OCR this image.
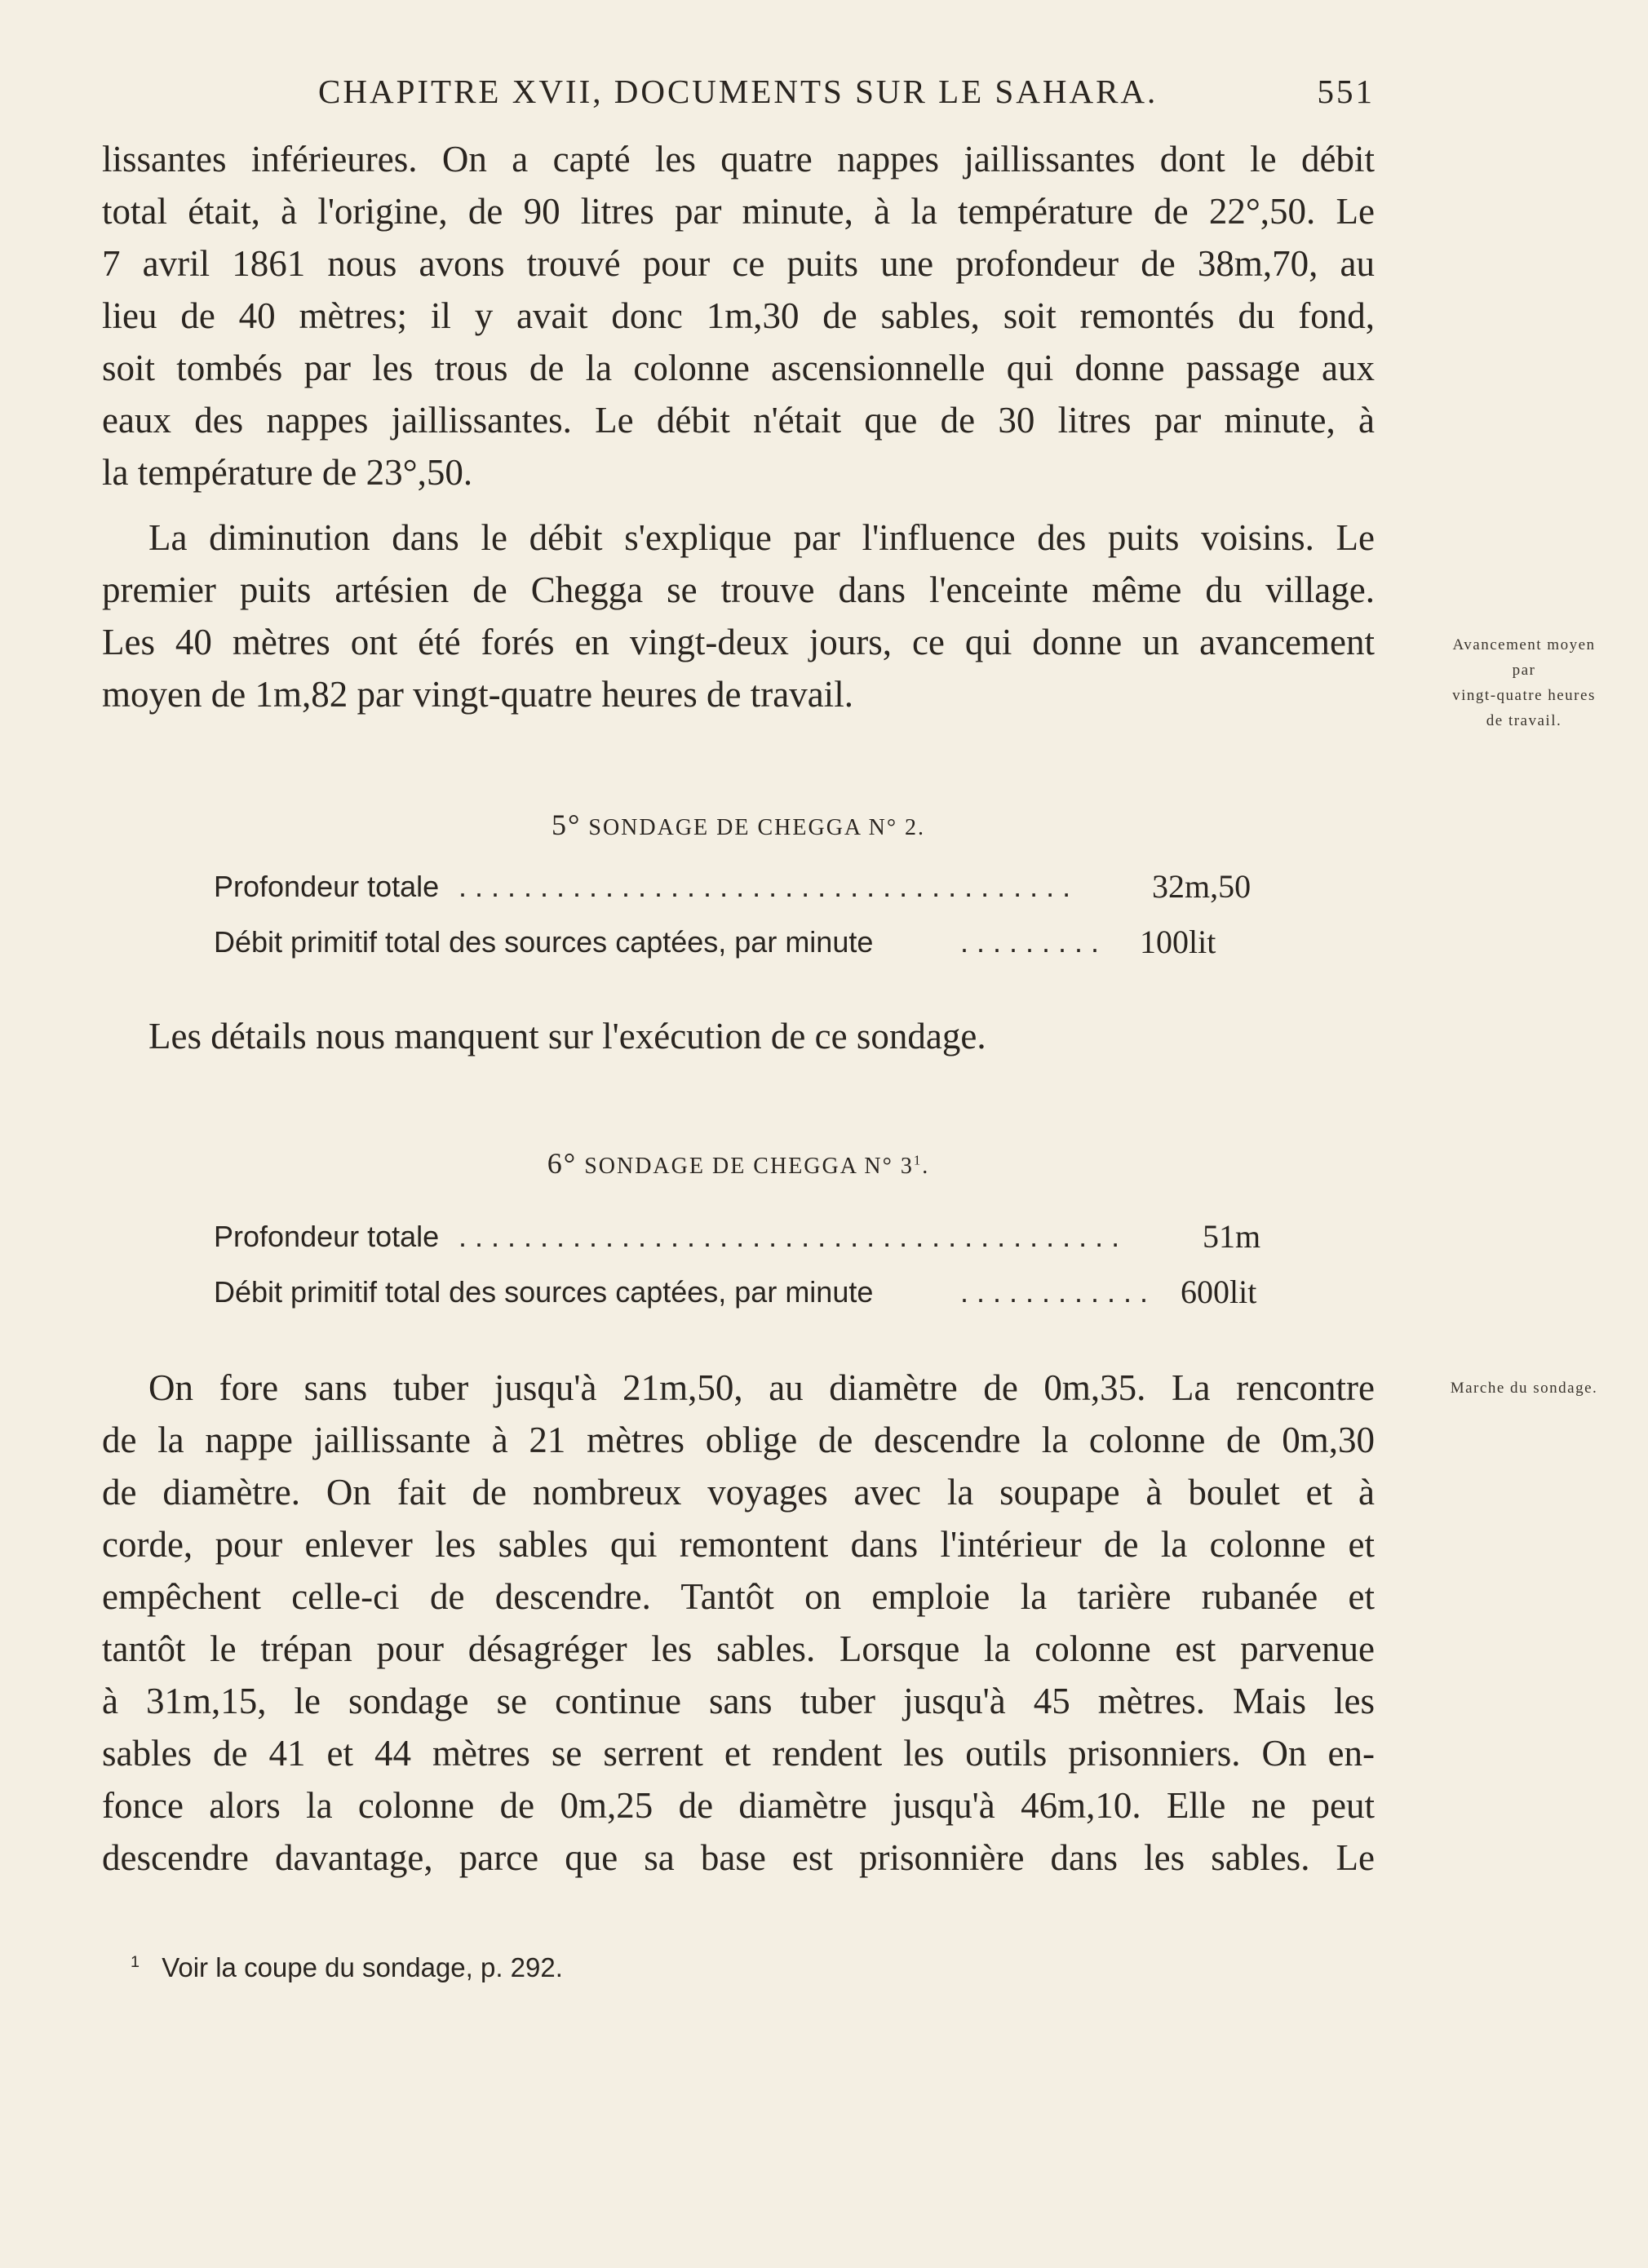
CHAPITRE XVII, DOCUMENTS SUR LE SAHARA.	551
lissantes inférieures. On a capté les quatre nappes jaillissantes dont le débit
total était, à l'origine, de 90 litres par minute, à la température de 22°,50. Le
7 avril 1861 nous avons trouvé pour ce puits une profondeur de 38m,70, au
lieu de 40 mètres; il y avait donc 1m,30 de sables, soit remontés du fond,
soit tombés par les trous de la colonne ascensionnelle qui donne passage aux
eaux des nappes jaillissantes. Le débit n'était que de 30 litres par minute, à
la température de 23°,50.
La diminution dans le débit s'explique par l'influence des puits voisins. Le
premier puits artésien de Chegga se trouve dans l'enceinte même du village.
Les 40 mètres ont été forés en vingt-deux jours, ce qui donne un avancement
moyen de 1m,82 par vingt-quatre heures de travail.
Avancement moyen
par
vingt-quatre heures
de travail.
5° SONDAGE DE CHEGGA N° 2.
Profondeur totale . . . . . . . . . . . . . . . . . . . . . . . . . . . . . . . . . . . . . . 32m,50
Débit primitif total des sources captées, par minute	. . . . . . . . . 100lit
Les détails nous manquent sur l'exécution de ce sondage.
6° SONDAGE DE CHEGGA N° $3^1$.
Profondeur totale . . . . . . . . . . . . . . . . . . . . . . . . . . . . . . . . . . . . . . . . .	51m
Débit primitif total des sources captées, par minute	. . . . . . . . . . . . 600lit
Marche du sondage.
On fore sans tuber jusqu'à 21m,50, au diamètre de 0m,35. La rencontre
de la nappe jaillissante à 21 mètres oblige de descendre la colonne de 0m,30
de diamètre. On fait de nombreux voyages avec la soupape à boulet et à
corde, pour enlever les sables qui remontent dans l'intérieur de la colonne et
empêchent celle-ci de descendre. Tantôt on emploie la tarière rubanée et
tantôt le trépan pour désagréger les sables. Lorsque la colonne est parvenue
à 31m,15, le sondage se continue sans tuber jusqu'à 45 mètres. Mais les
sables de 41 et 44 mètres se serrent et rendent les outils prisonniers. On en-
fonce alors la colonne de 0m,25 de diamètre jusqu'à 46m,10. Elle ne peut
descendre davantage, parce que sa base est prisonnière dans les sables. Le
$^1$ Voir la coupe du sondage, p. 292.
